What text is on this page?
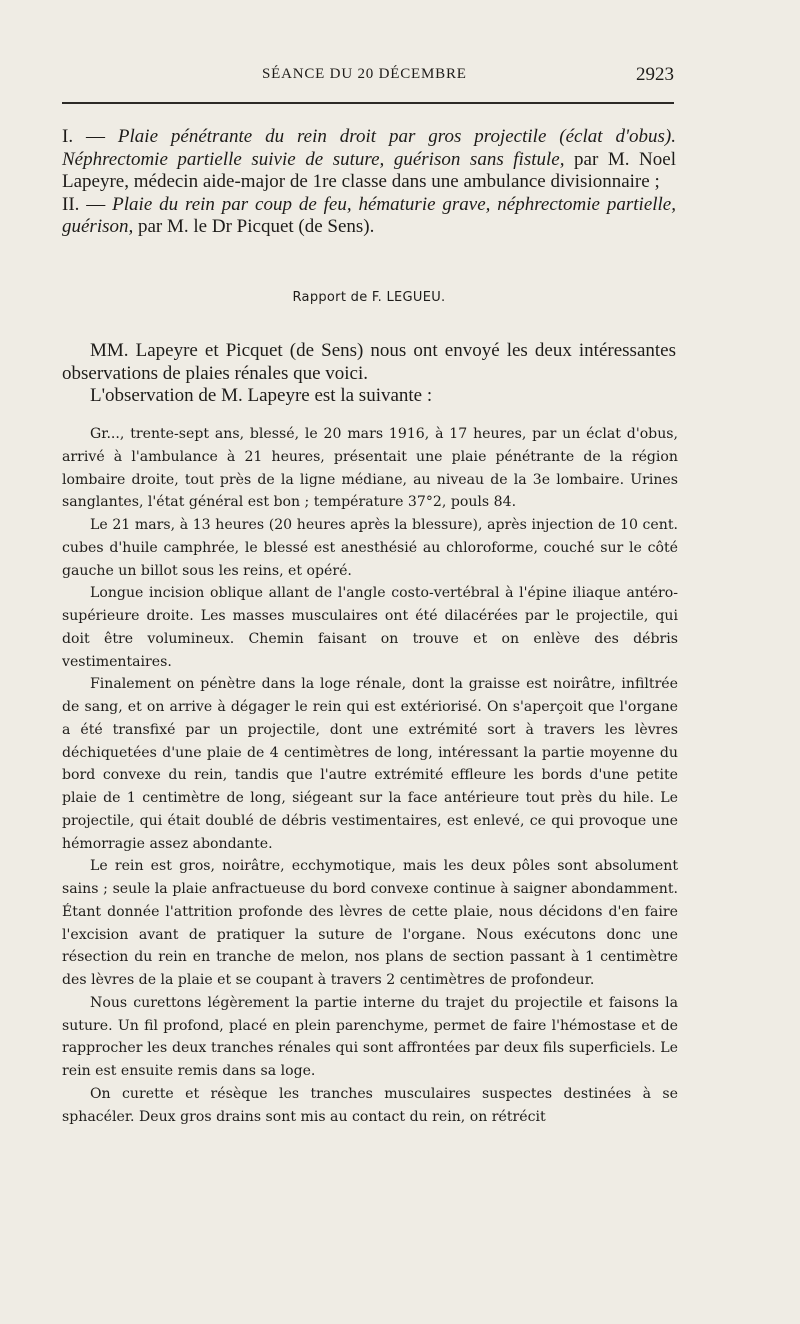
SÉANCE DU 20 DÉCEMBRE	2923

I. — Plaie pénétrante du rein droit par gros projectile (éclat d'obus). Néphrectomie partielle suivie de suture, guérison sans fistule, par M. Noel Lapeyre, médecin aide-major de 1re classe dans une ambulance divisionnaire ;

II. — Plaie du rein par coup de feu, hématurie grave, néphrectomie partielle, guérison, par M. le Dr Picquet (de Sens).

Rapport de F. LEGUEU.

MM. Lapeyre et Picquet (de Sens) nous ont envoyé les deux intéressantes observations de plaies rénales que voici.

L'observation de M. Lapeyre est la suivante :

Gr..., trente-sept ans, blessé, le 20 mars 1916, à 17 heures, par un éclat d'obus, arrivé à l'ambulance à 21 heures, présentait une plaie pénétrante de la région lombaire droite, tout près de la ligne médiane, au niveau de la 3e lombaire. Urines sanglantes, l'état général est bon ; température 37°2, pouls 84.

Le 21 mars, à 13 heures (20 heures après la blessure), après injection de 10 cent. cubes d'huile camphrée, le blessé est anesthésié au chloroforme, couché sur le côté gauche un billot sous les reins, et opéré.

Longue incision oblique allant de l'angle costo-vertébral à l'épine iliaque antéro-supérieure droite. Les masses musculaires ont été dilacérées par le projectile, qui doit être volumineux. Chemin faisant on trouve et on enlève des débris vestimentaires.

Finalement on pénètre dans la loge rénale, dont la graisse est noirâtre, infiltrée de sang, et on arrive à dégager le rein qui est extériorisé. On s'aperçoit que l'organe a été transfixé par un projectile, dont une extrémité sort à travers les lèvres déchiquetées d'une plaie de 4 centimètres de long, intéressant la partie moyenne du bord convexe du rein, tandis que l'autre extrémité effleure les bords d'une petite plaie de 1 centimètre de long, siégeant sur la face antérieure tout près du hile. Le projectile, qui était doublé de débris vestimentaires, est enlevé, ce qui provoque une hémorragie assez abondante.

Le rein est gros, noirâtre, ecchymotique, mais les deux pôles sont absolument sains ; seule la plaie anfractueuse du bord convexe continue à saigner abondamment. Étant donnée l'attrition profonde des lèvres de cette plaie, nous décidons d'en faire l'excision avant de pratiquer la suture de l'organe. Nous exécutons donc une résection du rein en tranche de melon, nos plans de section passant à 1 centimètre des lèvres de la plaie et se coupant à travers 2 centimètres de profondeur.

Nous curettons légèrement la partie interne du trajet du projectile et faisons la suture. Un fil profond, placé en plein parenchyme, permet de faire l'hémostase et de rapprocher les deux tranches rénales qui sont affrontées par deux fils superficiels. Le rein est ensuite remis dans sa loge.

On curette et résèque les tranches musculaires suspectes destinées à se sphacéler. Deux gros drains sont mis au contact du rein, on rétrécit
